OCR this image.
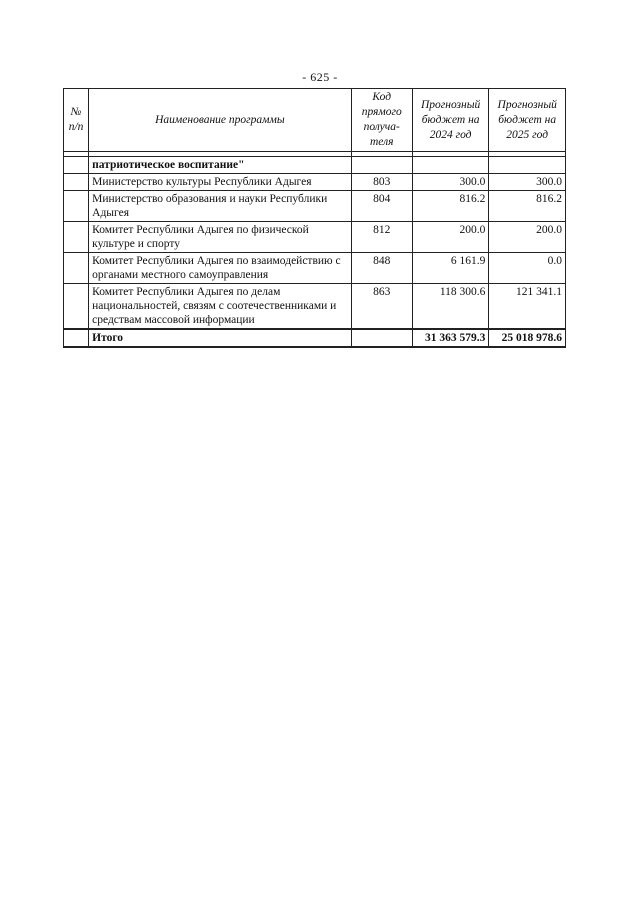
- 625 -
№ п/п	Наименование программы	Код прямого получа-теля	Прогнозный бюджет на 2024 год	Прогнозный бюджет на 2025 год

	патриотическое воспитание"			
	Министерство культуры Республики Адыгея	803	300.0	300.0
	Министерство образования и науки Республики Адыгея	804	816.2	816.2
	Комитет Республики Адыгея по физической культуре и спорту	812	200.0	200.0
	Комитет Республики Адыгея по взаимодействию с органами местного самоуправления	848	6 161.9	0.0
	Комитет Республики Адыгея по делам национальностей, связям с соотечественниками и средствам массовой информации	863	118 300.6	121 341.1
	Итого		31 363 579.3	25 018 978.6
